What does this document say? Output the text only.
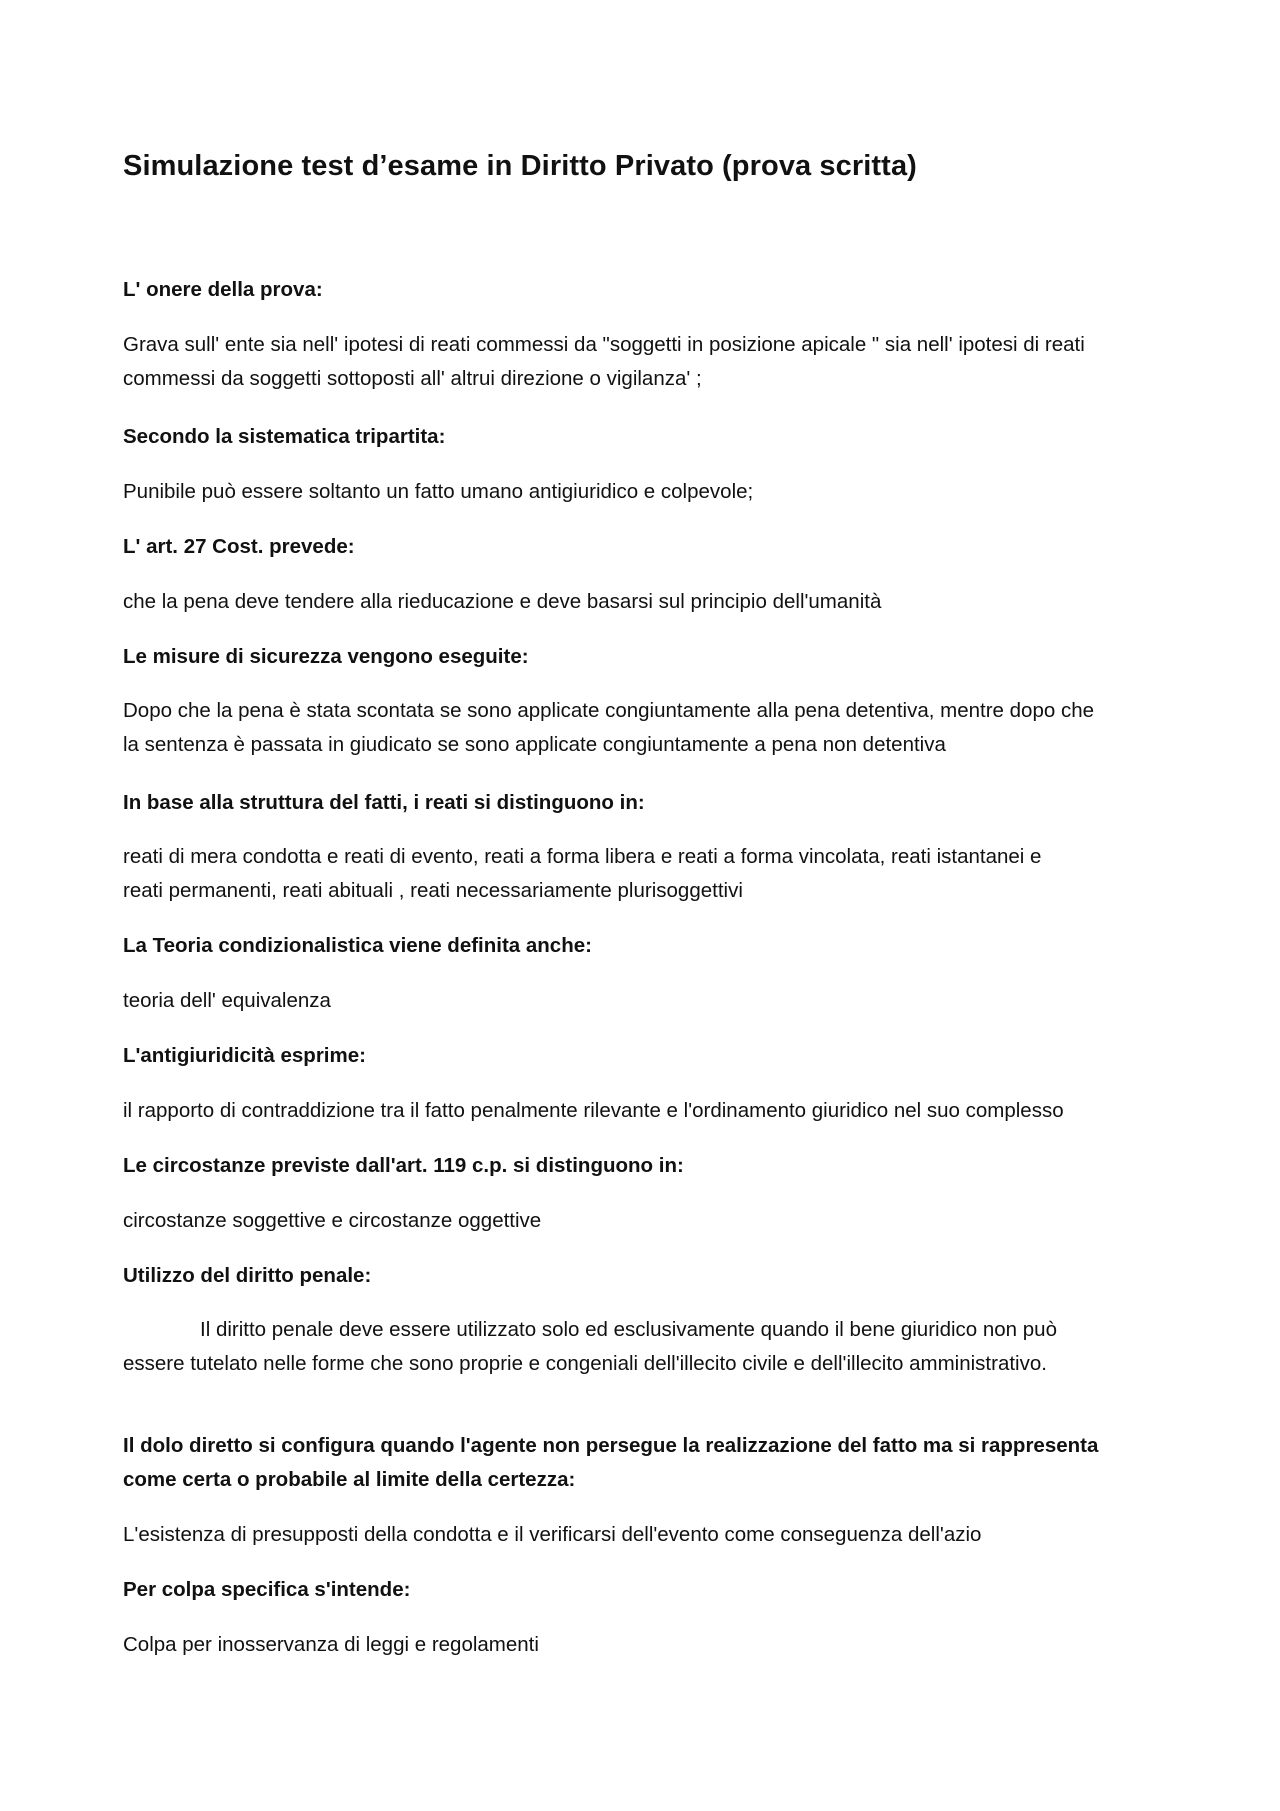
Simulazione test d’esame in Diritto Privato (prova scritta)
L' onere della prova:
Grava sull' ente sia nell' ipotesi di reati commessi da "soggetti in posizione apicale " sia nell' ipotesi di reati
commessi da soggetti sottoposti all' altrui direzione o vigilanza' ;
Secondo la sistematica tripartita:
Punibile può essere soltanto un fatto umano antigiuridico e colpevole;
L' art. 27 Cost. prevede:
che la pena deve tendere alla rieducazione e deve basarsi sul principio dell'umanità
Le misure di sicurezza vengono eseguite:
Dopo che la pena è stata scontata se sono applicate congiuntamente alla pena detentiva, mentre dopo che
la sentenza è passata in giudicato se sono applicate congiuntamente a pena non detentiva
In base alla struttura del fatti, i reati si distinguono in:
reati di mera condotta e reati di evento, reati a forma libera e reati a forma vincolata, reati istantanei e
reati permanenti, reati abituali , reati necessariamente plurisoggettivi
La Teoria condizionalistica viene definita anche:
teoria dell' equivalenza
L'antigiuridicità esprime:
il rapporto di contraddizione tra il fatto penalmente rilevante e l'ordinamento giuridico nel suo complesso
Le circostanze previste dall'art. 119 c.p. si distinguono in:
circostanze soggettive e circostanze oggettive
Utilizzo del diritto penale:
Il diritto penale deve essere utilizzato solo ed esclusivamente quando il bene giuridico non può
essere tutelato nelle forme che sono proprie e congeniali dell'illecito civile e dell'illecito amministrativo.
Il dolo diretto si configura quando l'agente non persegue la realizzazione del fatto ma si rappresenta
come certa o probabile al limite della certezza:
L'esistenza di presupposti della condotta e il verificarsi dell'evento come conseguenza dell'azio
Per colpa specifica s'intende:
Colpa per inosservanza di leggi e regolamenti
